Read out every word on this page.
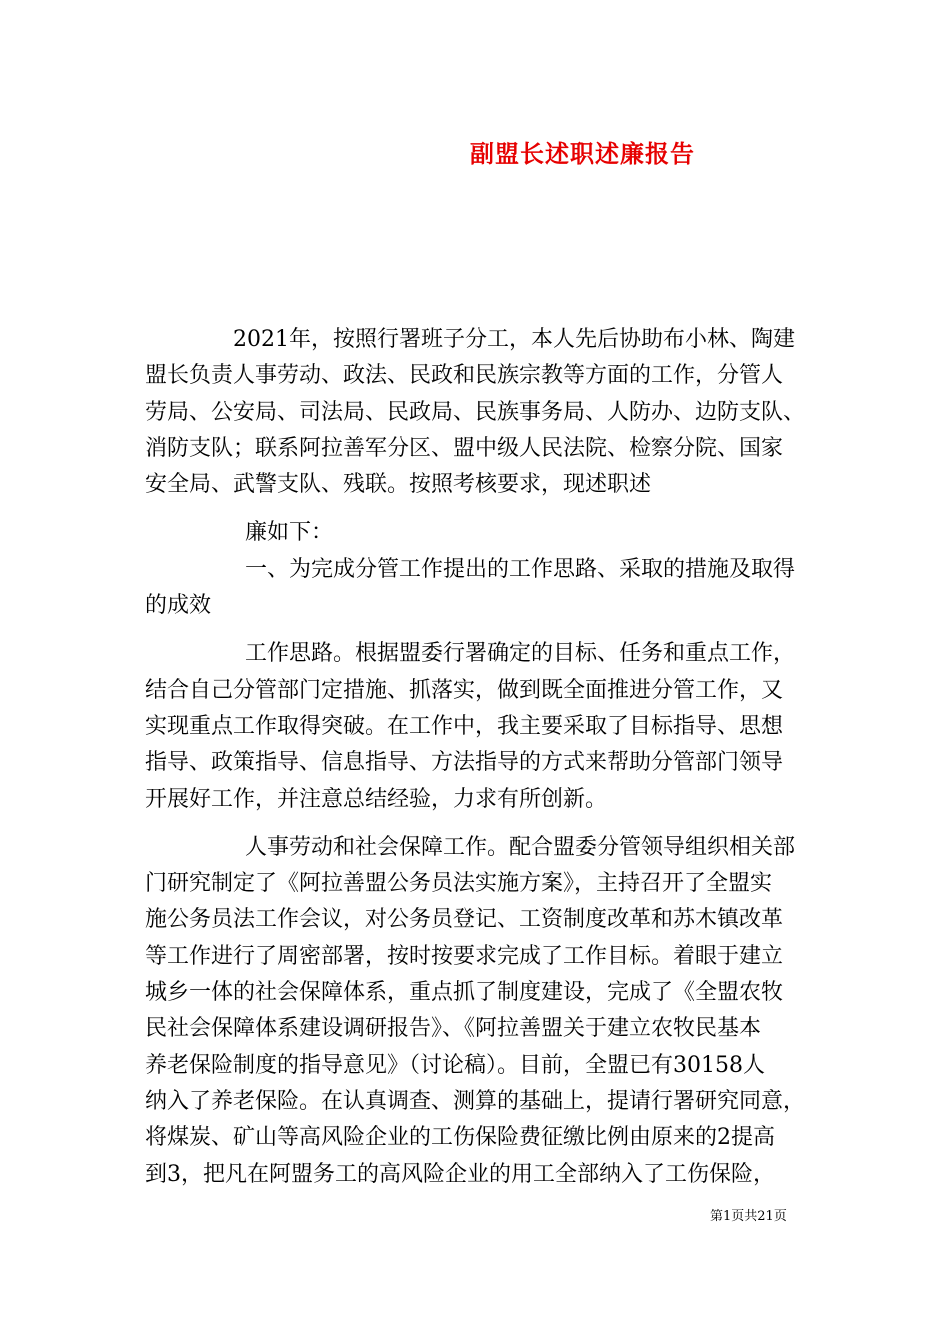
副盟长述职述廉报告
2021年，按照行署班子分工，本人先后协助布小林、陶建
盟长负责人事劳动、政法、民政和民族宗教等方面的工作，分管人
劳局、公安局、司法局、民政局、民族事务局、人防办、边防支队、
消防支队；联系阿拉善军分区、盟中级人民法院、检察分院、国家
安全局、武警支队、残联。按照考核要求，现述职述
廉如下：
一、为完成分管工作提出的工作思路、采取的措施及取得
的成效
工作思路。根据盟委行署确定的目标、任务和重点工作，
结合自己分管部门定措施、抓落实，做到既全面推进分管工作，又
实现重点工作取得突破。在工作中，我主要采取了目标指导、思想
指导、政策指导、信息指导、方法指导的方式来帮助分管部门领导
开展好工作，并注意总结经验，力求有所创新。
人事劳动和社会保障工作。配合盟委分管领导组织相关部
门研究制定了《阿拉善盟公务员法实施方案》，主持召开了全盟实
施公务员法工作会议，对公务员登记、工资制度改革和苏木镇改革
等工作进行了周密部署，按时按要求完成了工作目标。着眼于建立
城乡一体的社会保障体系，重点抓了制度建设，完成了《全盟农牧
民社会保障体系建设调研报告》、《阿拉善盟关于建立农牧民基本
养老保险制度的指导意见》（讨论稿）。目前，全盟已有30158人
纳入了养老保险。在认真调查、测算的基础上，提请行署研究同意，
将煤炭、矿山等高风险企业的工伤保险费征缴比例由原来的2提高
到3，把凡在阿盟务工的高风险企业的用工全部纳入了工伤保险，
第1页共21页
